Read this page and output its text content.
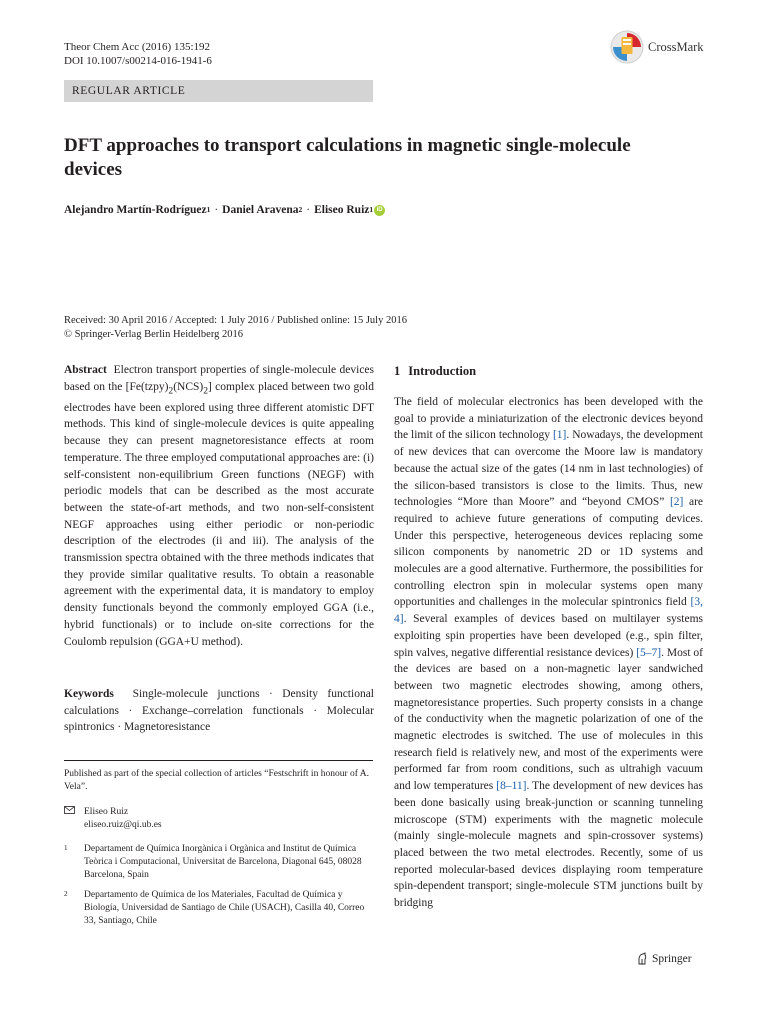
Theor Chem Acc (2016) 135:192
DOI 10.1007/s00214-016-1941-6
CrossMark
REGULAR ARTICLE
DFT approaches to transport calculations in magnetic single-molecule devices
Alejandro Martín-Rodríguez 1 · Daniel Aravena 2 · Eliseo Ruiz 1 iD
Received: 30 April 2016 / Accepted: 1 July 2016 / Published online: 15 July 2016
© Springer-Verlag Berlin Heidelberg 2016
Abstract Electron transport properties of single-molecule devices based on the $[Fe(tzpy)_2(NCS)_2]$ complex placed between two gold electrodes have been explored using three different atomistic DFT methods. This kind of single-molecule devices is quite appealing because they can present magnetoresistance effects at room temperature. The three employed computational approaches are: (i) self-consistent non-equilibrium Green functions (NEGF) with periodic models that can be described as the most accurate between the state-of-art methods, and two non-self-consistent NEGF approaches using either periodic or non-periodic description of the electrodes (ii and iii). The analysis of the transmission spectra obtained with the three methods indicates that they provide similar qualitative results. To obtain a reasonable agreement with the experimental data, it is mandatory to employ density functionals beyond the commonly employed GGA (i.e., hybrid functionals) or to include on-site corrections for the Coulomb repulsion (GGA+U method).
Keywords Single-molecule junctions · Density functional calculations · Exchange–correlation functionals · Molecular spintronics · Magnetoresistance
Published as part of the special collection of articles “Festschrift in honour of A. Vela”.
Eliseo Ruiz
eliseo.ruiz@qi.ub.es
1	Departament de Química Inorgànica i Orgànica and Institut de Química Teòrica i Computacional, Universitat de Barcelona, Diagonal 645, 08028 Barcelona, Spain
2	Departamento de Química de los Materiales, Facultad de Química y Biología, Universidad de Santiago de Chile (USACH), Casilla 40, Correo 33, Santiago, Chile
1 Introduction
The field of molecular electronics has been developed with the goal to provide a miniaturization of the electronic devices beyond the limit of the silicon technology [1]. Nowadays, the development of new devices that can overcome the Moore law is mandatory because the actual size of the gates (14 nm in last technologies) of the silicon-based transistors is close to the limits. Thus, new technologies “More than Moore” and “beyond CMOS” [2] are required to achieve future generations of computing devices. Under this perspective, heterogeneous devices replacing some silicon components by nanometric 2D or 1D systems and molecules are a good alternative. Furthermore, the possibilities for controlling electron spin in molecular systems open many opportunities and challenges in the molecular spintronics field [3, 4]. Several examples of devices based on multilayer systems exploiting spin properties have been developed (e.g., spin filter, spin valves, negative differential resistance devices) [5–7]. Most of the devices are based on a non-magnetic layer sandwiched between two magnetic electrodes showing, among others, magnetoresistance properties. Such property consists in a change of the conductivity when the magnetic polarization of one of the magnetic electrodes is switched. The use of molecules in this research field is relatively new, and most of the experiments were performed far from room conditions, such as ultrahigh vacuum and low temperatures [8–11]. The development of new devices has been done basically using break-junction or scanning tunneling microscope (STM) experiments with the magnetic molecule (mainly single-molecule magnets and spin-crossover systems) placed between the two metal electrodes. Recently, some of us reported molecular-based devices displaying room temperature spin-dependent transport; single-molecule STM junctions built by bridging
Springer
